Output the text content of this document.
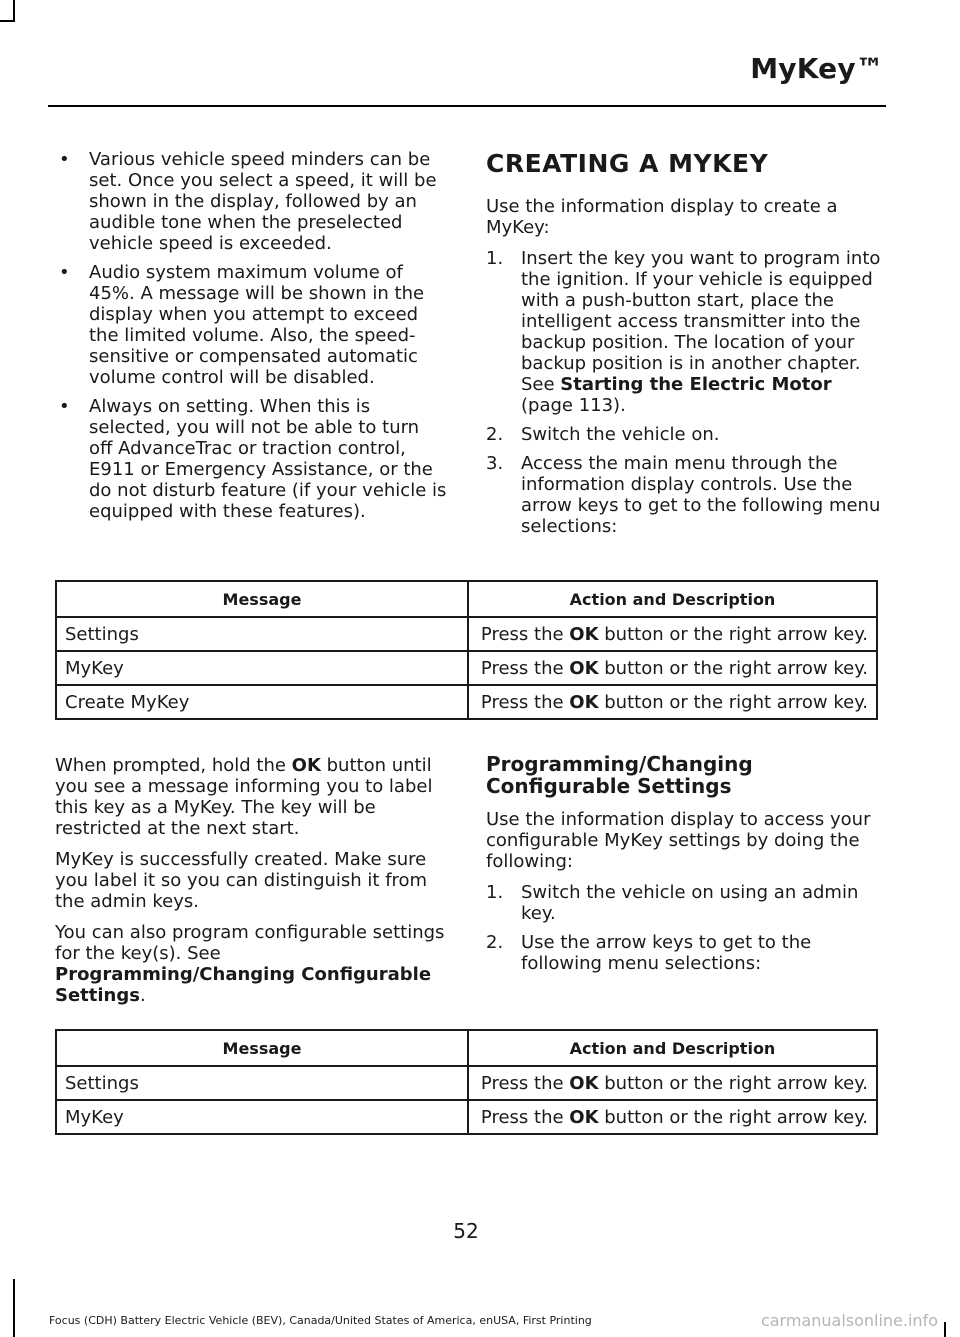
MyKey™
• Various vehicle speed minders can be set. Once you select a speed, it will be shown in the display, followed by an audible tone when the preselected vehicle speed is exceeded.
• Audio system maximum volume of 45%. A message will be shown in the display when you attempt to exceed the limited volume. Also, the speed-sensitive or compensated automatic volume control will be disabled.
• Always on setting. When this is selected, you will not be able to turn off AdvanceTrac or traction control, E911 or Emergency Assistance, or the do not disturb feature (if your vehicle is equipped with these features).
CREATING A MYKEY

Use the information display to create a MyKey:

1. Insert the key you want to program into the ignition. If your vehicle is equipped with a push-button start, place the intelligent access transmitter into the backup position. The location of your backup position is in another chapter. See Starting the Electric Motor (page 113).
2. Switch the vehicle on.
3. Access the main menu through the information display controls. Use the arrow keys to get to the following menu selections:
Message	Action and Description
Settings	Press the OK button or the right arrow key.
MyKey	Press the OK button or the right arrow key.
Create MyKey	Press the OK button or the right arrow key.

When prompted, hold the OK button until you see a message informing you to label this key as a MyKey. The key will be restricted at the next start.

MyKey is successfully created. Make sure you label it so you can distinguish it from the admin keys.

You can also program configurable settings for the key(s). See Programming/Changing Configurable Settings.

Programming/Changing Configurable Settings

Use the information display to access your configurable MyKey settings by doing the following:

1. Switch the vehicle on using an admin key.
2. Use the arrow keys to get to the following menu selections:
Message	Action and Description
Settings	Press the OK button or the right arrow key.
MyKey	Press the OK button or the right arrow key.
52
Focus (CDH) Battery Electric Vehicle (BEV), Canada/United States of America, enUSA, First Printing	carmanualsonline.info
